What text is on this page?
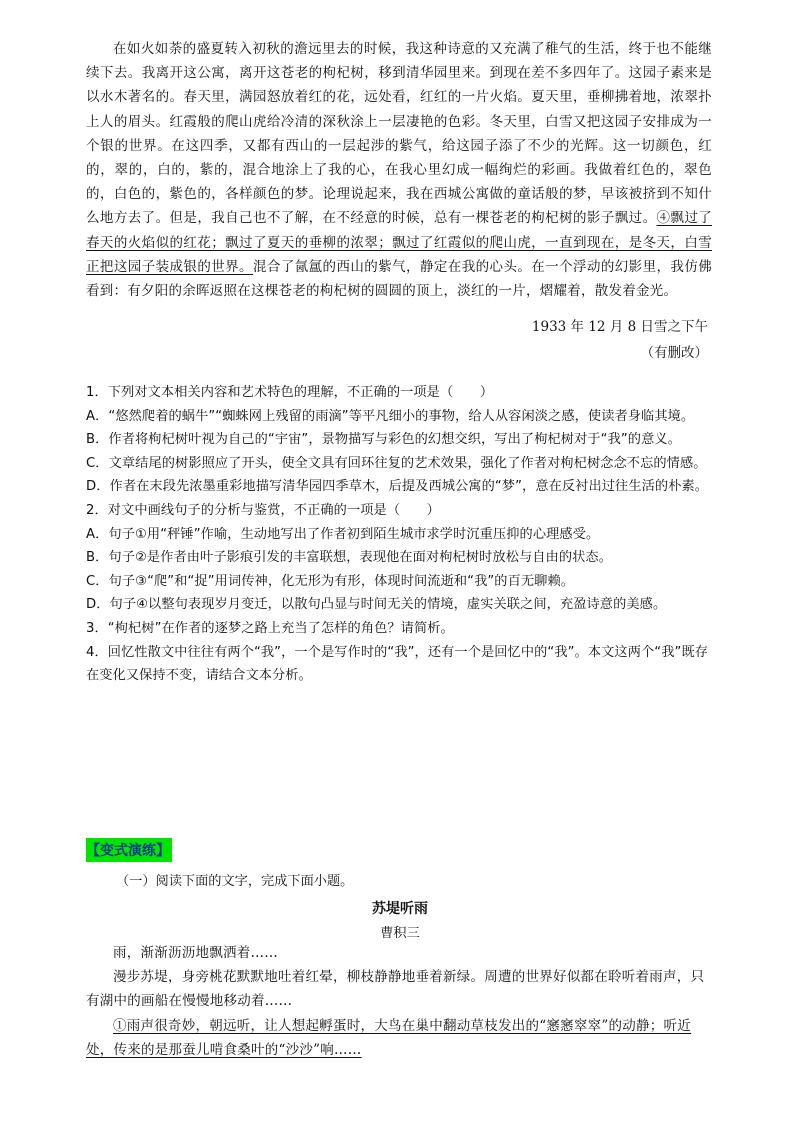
在如火如荼的盛夏转入初秋的澹远里去的时候，我这种诗意的又充满了稚气的生活，终于也不能继续下去。我离开这公寓，离开这苍老的枸杞树，移到清华园里来。到现在差不多四年了。这园子素来是以水木著名的。春天里，满园怒放着红的花，远处看，红红的一片火焰。夏天里，垂柳拂着地，浓翠扑上人的眉头。红霞般的爬山虎给冷清的深秋涂上一层凄艳的色彩。冬天里，白雪又把这园子安排成为一个银的世界。在这四季，又都有西山的一层起涉的紫气，给这园子添了不少的光辉。这一切颜色，红的，翠的，白的，紫的，混合地涂上了我的心，在我心里幻成一幅绚烂的彩画。我做着红色的，翠色的，白色的，紫色的，各样颜色的梦。论理说起来，我在西城公寓做的童话般的梦，早该被挤到不知什么地方去了。但是，我自己也不了解，在不经意的时候，总有一棵苍老的枸杞树的影子飘过。④飘过了春天的火焰似的红花；飘过了夏天的垂柳的浓翠；飘过了红霞似的爬山虎，一直到现在，是冬天，白雪正把这园子装成银的世界。混合了氤氲的西山的紫气，静定在我的心头。在一个浮动的幻影里，我仿佛看到：有夕阳的余晖返照在这棵苍老的枸杞树的圆圆的顶上，淡红的一片，熠耀着，散发着金光。

1933 年 12 月 8 日雪之下午
（有删改）

1．下列对文本相关内容和艺术特色的理解，不正确的一项是（　　）

A．“悠然爬着的蜗牛”“蜘蛛网上残留的雨滴”等平凡细小的事物，给人从容闲淡之感，使读者身临其境。

B．作者将枸杞树叶视为自己的“宇宙”，景物描写与彩色的幻想交织，写出了枸杞树对于“我”的意义。

C．文章结尾的树影照应了开头，使全文具有回环往复的艺术效果，强化了作者对枸杞树念念不忘的情感。

D．作者在末段先浓墨重彩地描写清华园四季草木，后提及西城公寓的“梦”，意在反衬出过往生活的朴素。

2．对文中画线句子的分析与鉴赏，不正确的一项是（　　）

A．句子①用“秤锤”作喻，生动地写出了作者初到陌生城市求学时沉重压抑的心理感受。

B．句子②是作者由叶子影痕引发的丰富联想，表现他在面对枸杞树时放松与自由的状态。

C．句子③“爬”和“捉”用词传神，化无形为有形，体现时间流逝和“我”的百无聊赖。

D．句子④以整句表现岁月变迁，以散句凸显与时间无关的情境，虚实关联之间，充盈诗意的美感。

3．“枸杞树”在作者的逐梦之路上充当了怎样的角色？请简析。

4．回忆性散文中往往有两个“我”，一个是写作时的“我”，还有一个是回忆中的“我”。本文这两个“我”既存在变化又保持不变，请结合文本分析。

【变式演练】
（一）阅读下面的文字，完成下面小题。
苏堤听雨
曹积三

雨，渐渐沥沥地飘洒着……

漫步苏堤，身旁桃花默默地吐着红晕，柳枝静静地垂着新绿。周遭的世界好似都在聆听着雨声，只有湖中的画船在慢慢地移动着……

①雨声很奇妙，朝远听，让人想起孵蛋时，大鸟在巢中翻动草枝发出的“窸窸窣窣”的动静；听近处，传来的是那蚕儿啃食桑叶的“沙沙”响……
